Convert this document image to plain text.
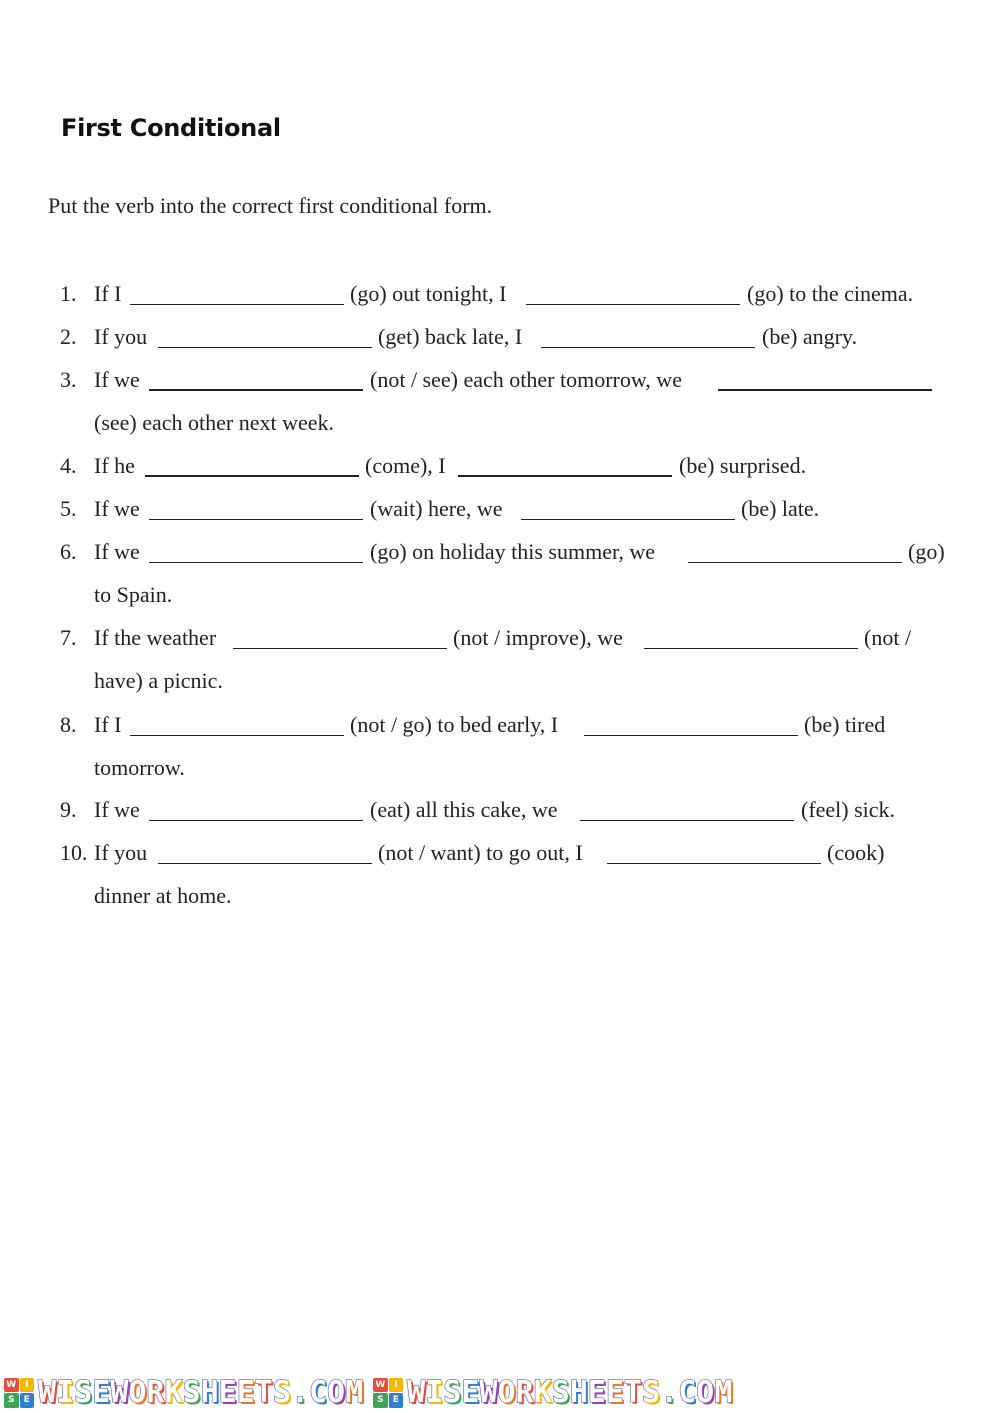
First Conditional
Put the verb into the correct first conditional form.
1. If I	(go) out tonight, I	(go) to the cinema.
2. If you	(get) back late, I	(be) angry.
3. If we	(not / see) each other tomorrow, we
(see) each other next week.
4. If he	(come), I	(be) surprised.
5. If we	(wait) here, we	(be) late.
6. If we	(go) on holiday this summer, we	(go)
to Spain.
7. If the weather	(not / improve), we	(not /
have) a picnic.
8. If I	(not / go) to bed early, I	(be) tired
tomorrow.
9. If we	(eat) all this cake, we	(feel) sick.
10. If you	(not / want) to go out, I	(cook)
dinner at home.
W I
S	E WISEWORKSHEETS.COM W I
S	E WISEWORKSHEETS.COM
